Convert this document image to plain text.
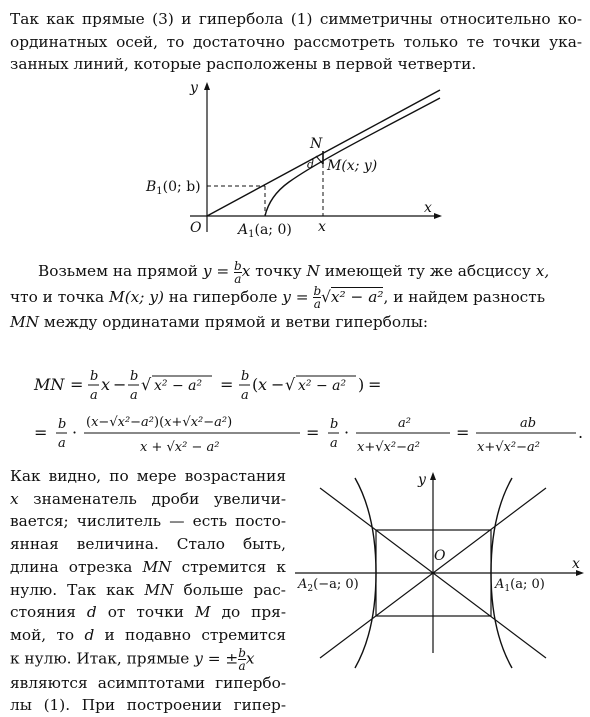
Так как прямые (3) и гипербола (1) симметричны относительно ко-
ординатных осей, то достаточно рассмотреть только те точки ука-
занных линий, которые расположены в первой четверти.
y
x
O
$B_1(0$; b)
$A_1(a$; 0)
N
d M(x; y)
x
Возьмем на прямой $y = \frac{b}{a}$ x точку N имеющей ту же абсциссу x,
что и точка M(x; y) на гиперболе $y = \frac{b}{a} √x^2 - a^2$, и найдем разность
MN между ординатами прямой и ветви гиперболы:
MN = b
a
x − b
a
√ x² − a² = b
a
( x − √ x² − a² ) =
= b
a
·
(x−√x²−a²)(x+√x²−a²)
x + √x² − a²
= b
a
·	a²
x+√x²−a²
=	ab
x+√x²−a²
.
Как видно, по мере возрастания
x знаменатель дроби увеличи-
вается; числитель — есть посто-
янная величина. Стало быть,
длина отрезка MN стремится к
нулю. Так как MN больше рас-
стояния d от точки M до пря-
мой, то d и подавно стремится
к нулю. Итак, прямые y = ± $\frac{b}{a}$ x
являются асимптотами гипербо-
лы (1). При построении гипер-
y
x
O
$A_2(-a$; 0)	$A_1(a$; 0)
